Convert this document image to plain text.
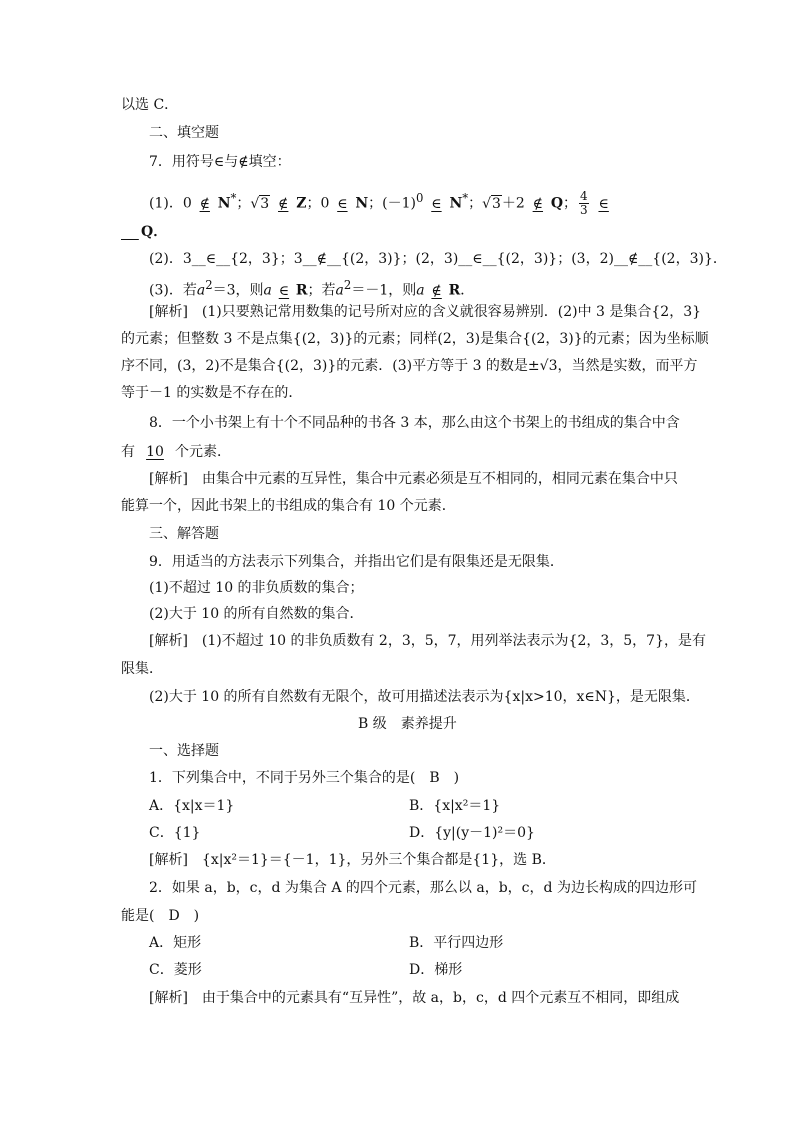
以选 C．
二、填空题
7．用符号∈与∉填空：
(1)．0 ∉ N*；√3 ∉ Z；0 ∈ N；$(-1)^0$ ∈ N*；√3＋2 ∉ Q； $\frac{4}{3}$ ∈
Q．
(2)．3__∈__{2，3}；3__∉__{(2，3)}；(2，3)__∈__{(2，3)}；(3，2)__∉__{(2，3)}．
(3)．若$a^2=3$，则a ∈ R；若$a^2=-1$，则a ∉ R．
[解析]　(1)只要熟记常用数集的记号所对应的含义就很容易辨别．(2)中 3 是集合{2，3}
的元素；但整数 3 不是点集{(2，3)}的元素；同样(2，3)是集合{(2，3)}的元素；因为坐标顺
序不同，(3，2)不是集合{(2，3)}的元素．(3)平方等于 3 的数是±√3，当然是实数，而平方
等于－1 的实数是不存在的．
8．一个小书架上有十个不同品种的书各 3 本，那么由这个书架上的书组成的集合中含
有 10 个元素．
[解析]　由集合中元素的互异性，集合中元素必须是互不相同的，相同元素在集合中只
能算一个，因此书架上的书组成的集合有 10 个元素．
三、解答题
9．用适当的方法表示下列集合，并指出它们是有限集还是无限集．
(1)不超过 10 的非负质数的集合；
(2)大于 10 的所有自然数的集合．
[解析]　(1)不超过 10 的非负质数有 2，3，5，7，用列举法表示为{2，3，5，7}，是有
限集．
(2)大于 10 的所有自然数有无限个，故可用描述法表示为{x|x>10，x∈N}，是无限集．
B 级　素养提升
一、选择题
1．下列集合中，不同于另外三个集合的是(　B　)
A．{x|x＝1}	B．{x|x²＝1}
C．{1}	D．{y|(y－1)²＝0}
[解析]　{x|x²＝1}＝{－1，1}，另外三个集合都是{1}，选 B．
2．如果 a，b，c，d 为集合 A 的四个元素，那么以 a，b，c，d 为边长构成的四边形可
能是(　D　)
A．矩形	B．平行四边形
C．菱形	D．梯形
[解析]　由于集合中的元素具有“互异性”，故 a，b，c，d 四个元素互不相同，即组成
